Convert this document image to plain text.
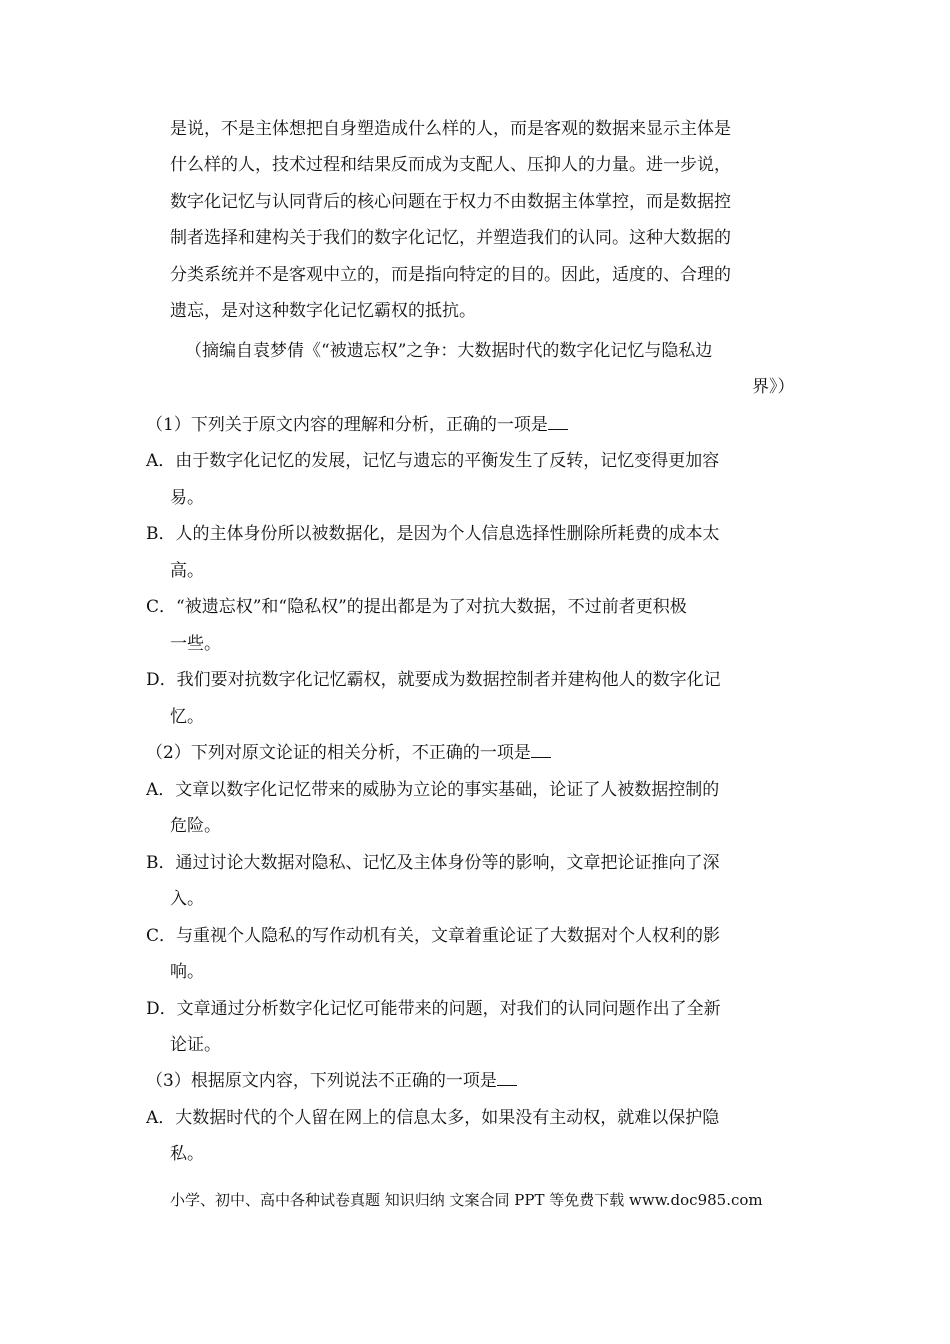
是说，不是主体想把自身塑造成什么样的人，而是客观的数据来显示主体是
什么样的人，技术过程和结果反而成为支配人、压抑人的力量。进一步说，
数字化记忆与认同背后的核心问题在于权力不由数据主体掌控，而是数据控
制者选择和建构关于我们的数字化记忆，并塑造我们的认同。这种大数据的
分类系统并不是客观中立的，而是指向特定的目的。因此，适度的、合理的
遗忘，是对这种数字化记忆霸权的抵抗。
（摘编自袁梦倩《“被遗忘权”之争：大数据时代的数字化记忆与隐私边
界》）
（1）下列关于原文内容的理解和分析，正确的一项是
A．由于数字化记忆的发展，记忆与遗忘的平衡发生了反转，记忆变得更加容
易。
B．人的主体身份所以被数据化，是因为个人信息选择性删除所耗费的成本太
高。
C．“被遗忘权”和“隐私权”的提出都是为了对抗大数据，不过前者更积极
一些。
D．我们要对抗数字化记忆霸权，就要成为数据控制者并建构他人的数字化记
忆。
（2）下列对原文论证的相关分析，不正确的一项是
A．文章以数字化记忆带来的威胁为立论的事实基础，论证了人被数据控制的
危险。
B．通过讨论大数据对隐私、记忆及主体身份等的影响，文章把论证推向了深
入。
C．与重视个人隐私的写作动机有关，文章着重论证了大数据对个人权利的影
响。
D．文章通过分析数字化记忆可能带来的问题，对我们的认同问题作出了全新
论证。
（3）根据原文内容，下列说法不正确的一项是
A．大数据时代的个人留在网上的信息太多，如果没有主动权，就难以保护隐
私。
小学、初中、高中各种试卷真题 知识归纳 文案合同 PPT 等免费下载 www.doc985.com
